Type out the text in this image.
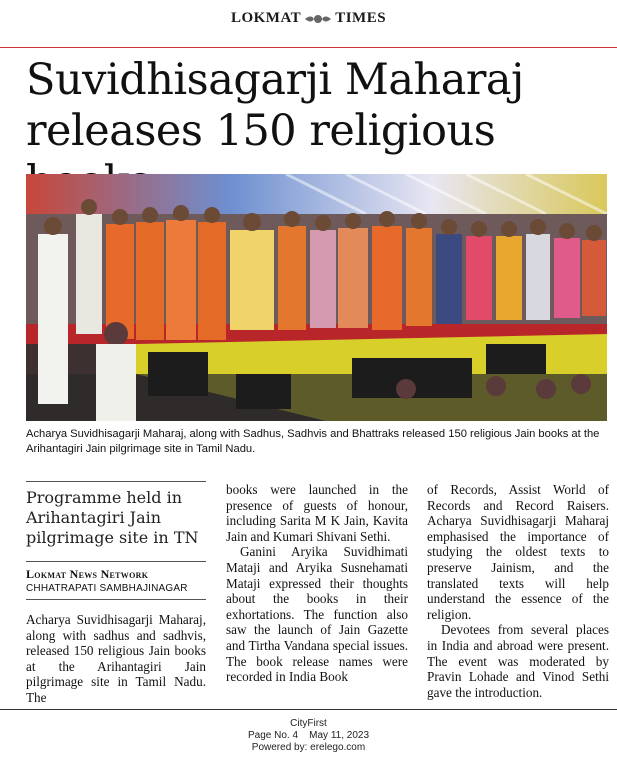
LOKMAT TIMES
Suvidhisagarji Maharaj
releases 150 religious
Acharya Suvidhisagarji Maharaj, along with Sadhus, Sadhvis and Bhattraks released 150 religious Jain books at the Arihantagiri Jain pilgrimage site in Tamil Nadu.
Programme held in Arihantagiri Jain pilgrimage site in TN
Lokmat News Network
CHHATRAPATI SAMBHAJINAGAR

Acharya Suvidhisagarji Maharaj, along with sadhus and sadhvis, released 150 religious Jain books at the Arihantagiri Jain pilgrimage site in Tamil Nadu. The

books were launched in the presence of guests of honour, including Sarita M K Jain, Kavita Jain and Kumari Shivani Sethi.

Ganini Aryika Suvidhimati Mataji and Aryika Susnehamati Mataji expressed their thoughts about the books in their exhortations. The function also saw the launch of Jain Gazette and Tirtha Vandana special issues. The book release names were recorded in India Book

of Records, Assist World of Records and Record Raisers. Acharya Suvidhisagarji Maharaj emphasised the importance of studying the oldest texts to preserve Jainism, and the translated texts will help understand the essence of the religion.

Devotees from several places in India and abroad were present. The event was moderated by Pravin Lohade and Vinod Sethi gave the introduction.

CityFirst
Page No. 4 May 11, 2023
Powered by: erelego.com
